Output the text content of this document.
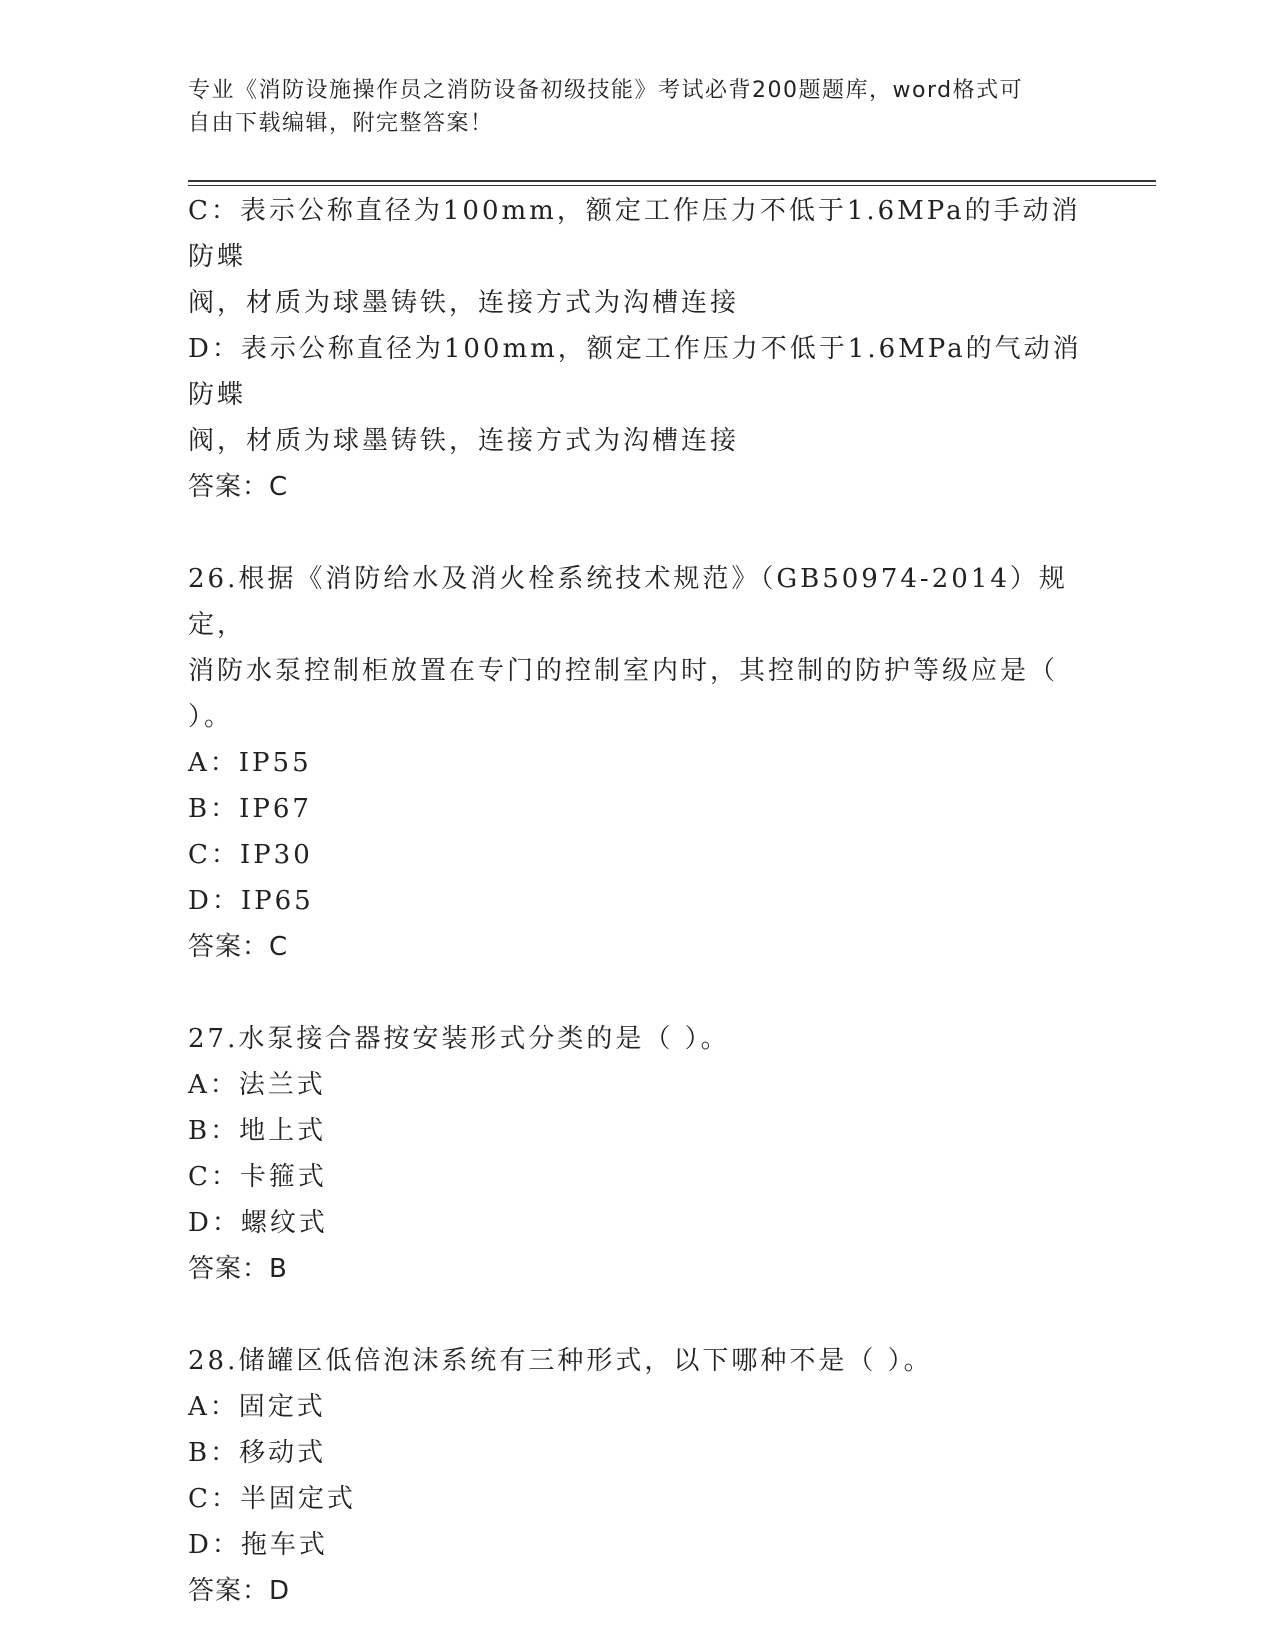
专业《消防设施操作员之消防设备初级技能》考试必背200题题库，word格式可
自由下载编辑，附完整答案！

C：表示公称直径为100mm，额定工作压力不低于1.6MPa的手动消防蝶

阀，材质为球墨铸铁，连接方式为沟槽连接

D：表示公称直径为100mm，额定工作压力不低于1.6MPa的气动消防蝶

阀，材质为球墨铸铁，连接方式为沟槽连接

答案：C

26.根据《消防给水及消火栓系统技术规范》（GB50974-2014）规定，

消防水泵控制柜放置在专门的控制室内时，其控制的防护等级应是（

）。

A：IP55

B：IP67

C：IP30

D：IP65

答案：C

27.水泵接合器按安装形式分类的是（ ）。

A：法兰式

B：地上式

C：卡箍式

D：螺纹式

答案：B

28.储罐区低倍泡沫系统有三种形式，以下哪种不是（ ）。

A：固定式

B：移动式

C：半固定式

D：拖车式

答案：D
